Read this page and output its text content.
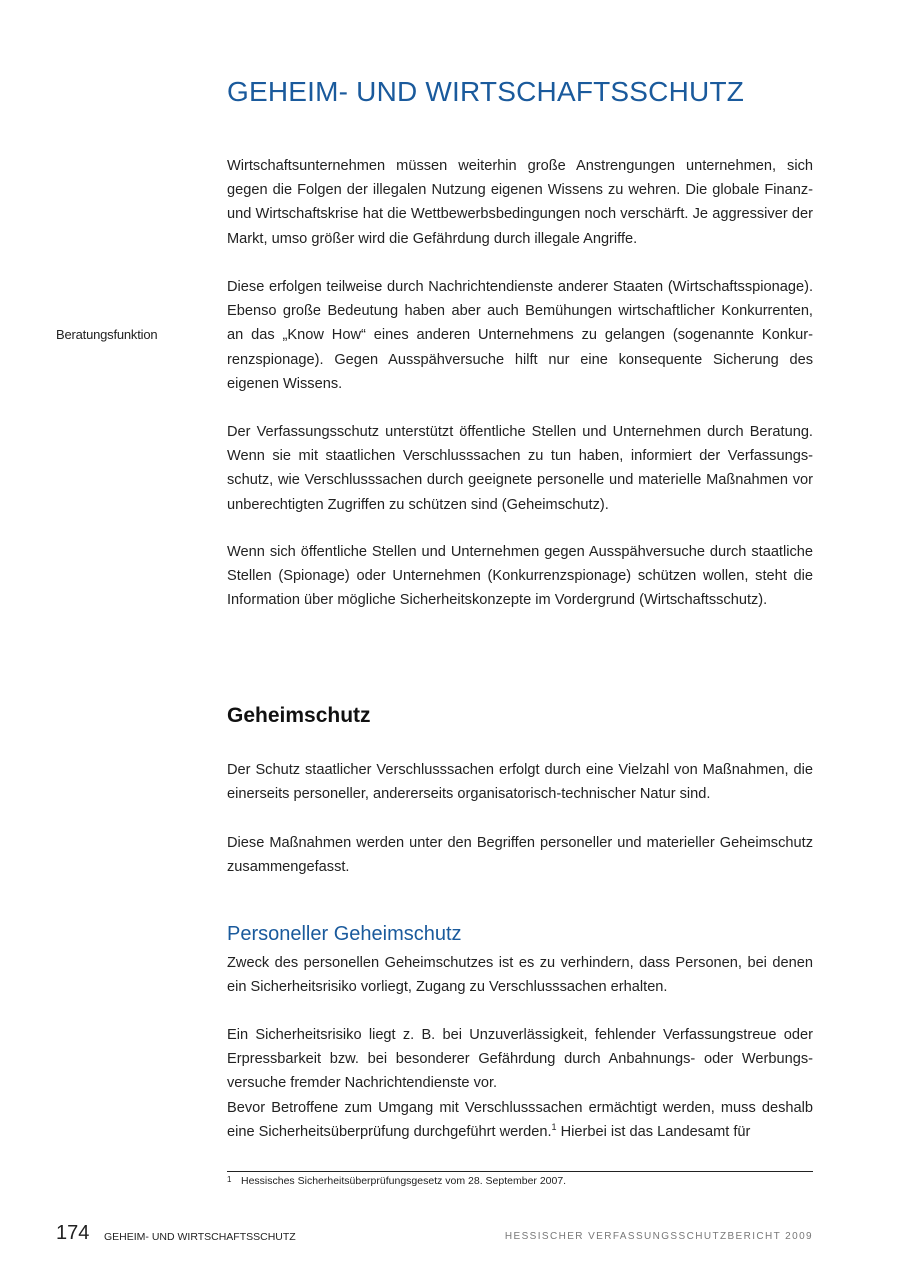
GEHEIM- UND WIRTSCHAFTSSCHUTZ
Beratungsfunktion

Wirtschaftsunternehmen müssen weiterhin große Anstrengungen unternehmen, sich gegen die Folgen der illegalen Nutzung eigenen Wissens zu wehren. Die globale Finanz- und Wirtschaftskrise hat die Wettbewerbsbedingungen noch verschärft. Je aggressiver der Markt, umso größer wird die Gefährdung durch illegale Angriffe.

Diese erfolgen teilweise durch Nachrichtendienste anderer Staaten (Wirtschaftsspionage). Ebenso große Bedeutung haben aber auch Bemühungen wirtschaftlicher Konkurrenten, an das „Know How“ eines anderen Unternehmens zu gelangen (sogenannte Konkurrenzspionage). Gegen Ausspähversuche hilft nur eine konsequente Sicherung des eigenen Wissens.

Der Verfassungsschutz unterstützt öffentliche Stellen und Unternehmen durch Beratung. Wenn sie mit staatlichen Verschlusssachen zu tun haben, informiert der Verfassungsschutz, wie Verschlusssachen durch geeignete personelle und materielle Maßnahmen vor unberechtigten Zugriffen zu schützen sind (Geheimschutz).

Wenn sich öffentliche Stellen und Unternehmen gegen Ausspähversuche durch staatliche Stellen (Spionage) oder Unternehmen (Konkurrenzspionage) schützen wollen, steht die Information über mögliche Sicherheitskonzepte im Vordergrund (Wirtschaftsschutz).

Geheimschutz

Der Schutz staatlicher Verschlusssachen erfolgt durch eine Vielzahl von Maßnahmen, die einerseits personeller, andererseits organisatorisch-technischer Natur sind.

Diese Maßnahmen werden unter den Begriffen personeller und materieller Geheimschutz zusammengefasst.

Personeller Geheimschutz

Zweck des personellen Geheimschutzes ist es zu verhindern, dass Personen, bei denen ein Sicherheitsrisiko vorliegt, Zugang zu Verschlusssachen erhalten.

Ein Sicherheitsrisiko liegt z. B. bei Unzuverlässigkeit, fehlender Verfassungstreue oder Erpressbarkeit bzw. bei besonderer Gefährdung durch Anbahnungs- oder Werbungsversuche fremder Nachrichtendienste vor.

Bevor Betroffene zum Umgang mit Verschlusssachen ermächtigt werden, muss deshalb eine Sicherheitsüberprüfung durchgeführt werden.$^1$ Hierbei ist das Landesamt für

1 Hessisches Sicherheitsüberprüfungsgesetz vom 28. September 2007.
174 GEHEIM- UND WIRTSCHAFTSSCHUTZ	HESSISCHER VERFASSUNGSSCHUTZBERICHT 2009
